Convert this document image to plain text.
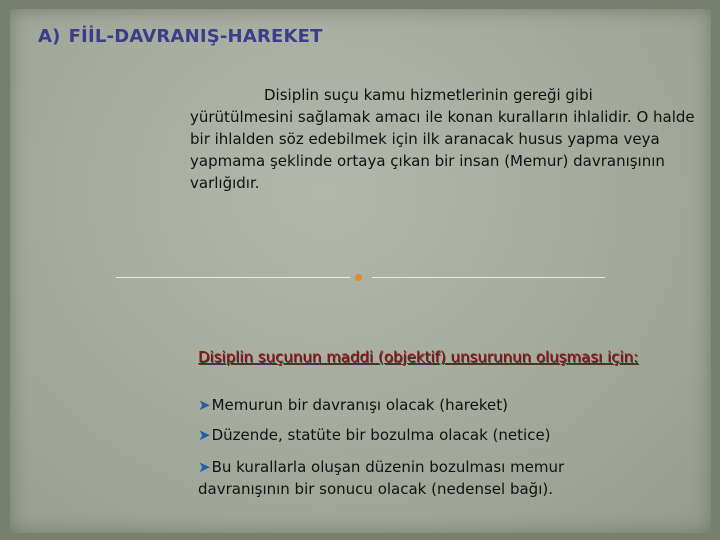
A) FİİL-DAVRANIŞ-HAREKET

Disiplin suçu kamu hizmetlerinin gereği gibi yürütülmesini sağlamak amacı ile konan kuralların ihlalidir. O halde bir ihlalden söz edebilmek için ilk aranacak husus yapma veya yapmama şeklinde ortaya çıkan bir insan (Memur) davranışının varlığıdır.

Disiplin suçunun maddi (objektif) unsurunun oluşması için:
➤Memurun bir davranışı olacak (hareket)
➤Düzende, statüte bir bozulma olacak (netice)
➤Bu kurallarla oluşan düzenin bozulması memur davranışının bir sonucu olacak (nedensel bağı).
